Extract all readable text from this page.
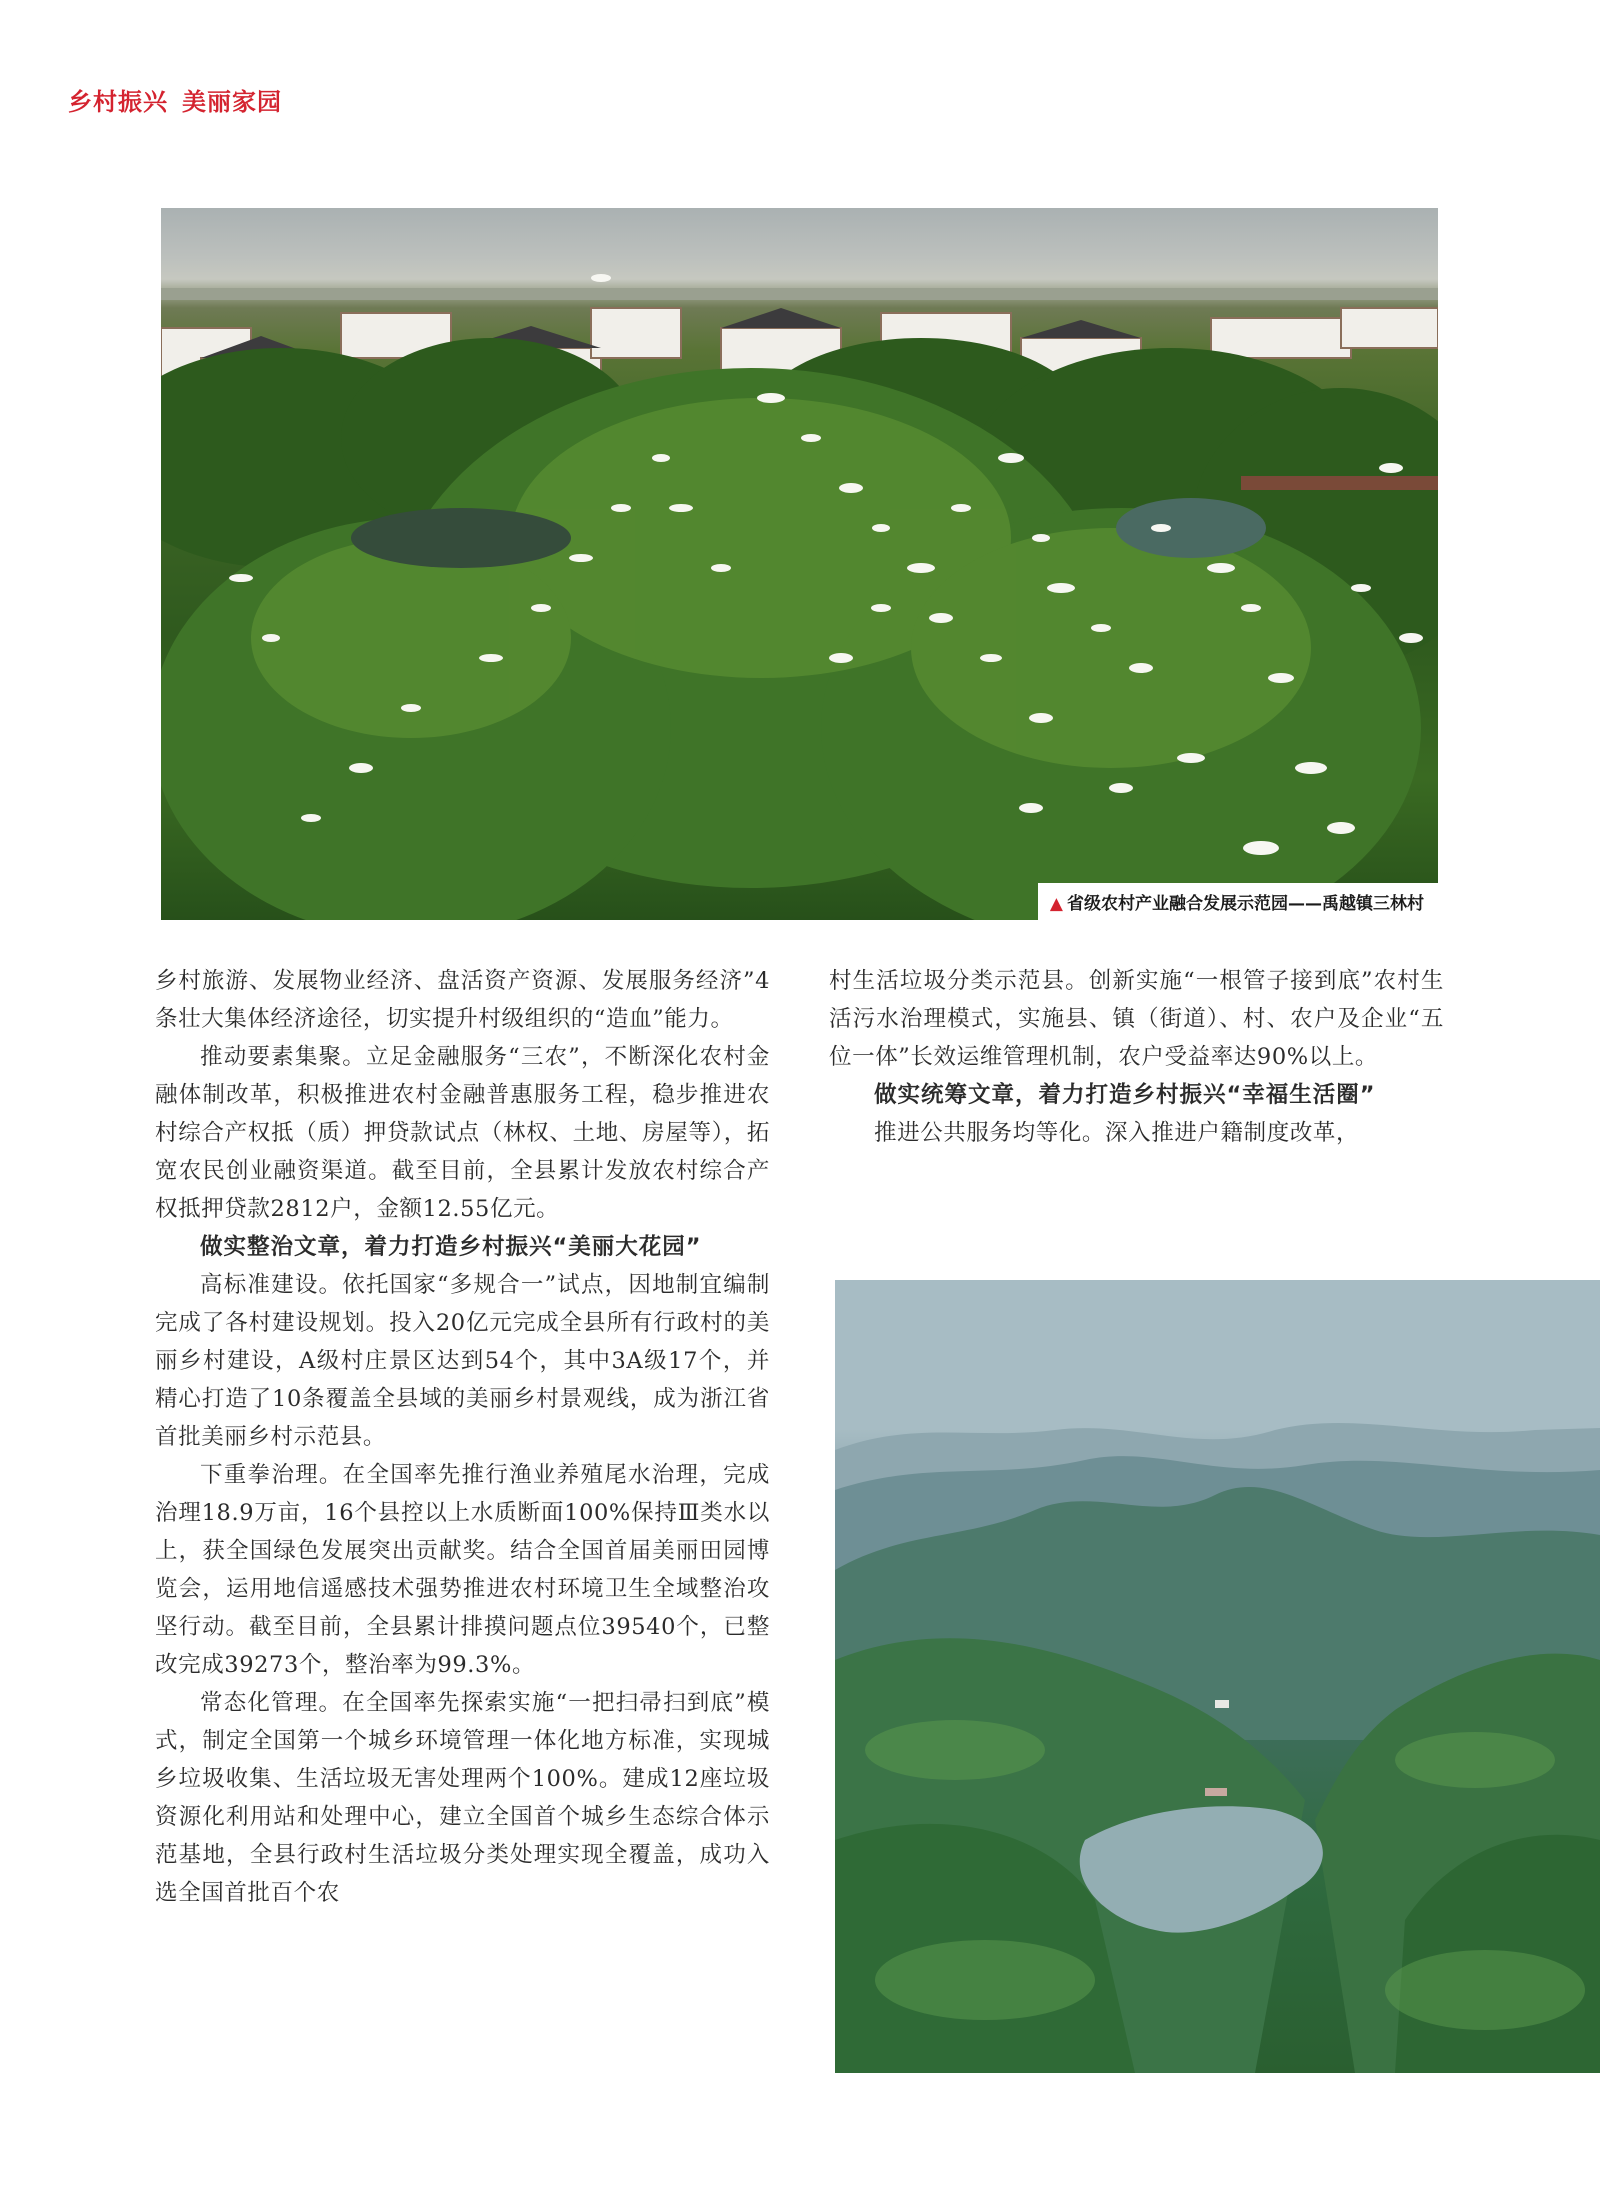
乡村振兴 美丽家园
▲ 省级农村产业融合发展示范园——禹越镇三林村

乡村旅游、发展物业经济、盘活资产资源、发展服务经济”4条壮大集体经济途径，切实提升村级组织的“造血”能力。

推动要素集聚。立足金融服务“三农”，不断深化农村金融体制改革，积极推进农村金融普惠服务工程，稳步推进农村综合产权抵（质）押贷款试点（林权、土地、房屋等），拓宽农民创业融资渠道。截至目前，全县累计发放农村综合产权抵押贷款2812户，金额12.55亿元。

做实整治文章，着力打造乡村振兴“美丽大花园”

高标准建设。依托国家“多规合一”试点，因地制宜编制完成了各村建设规划。投入20亿元完成全县所有行政村的美丽乡村建设，A级村庄景区达到54个，其中3A级17个，并精心打造了10条覆盖全县域的美丽乡村景观线，成为浙江省首批美丽乡村示范县。

下重拳治理。在全国率先推行渔业养殖尾水治理，完成治理18.9万亩，16个县控以上水质断面100%保持Ⅲ类水以上，获全国绿色发展突出贡献奖。结合全国首届美丽田园博览会，运用地信遥感技术强势推进农村环境卫生全域整治攻坚行动。截至目前，全县累计排摸问题点位39540个，已整改完成39273个，整治率为99.3%。

常态化管理。在全国率先探索实施“一把扫帚扫到底”模式，制定全国第一个城乡环境管理一体化地方标准，实现城乡垃圾收集、生活垃圾无害处理两个100%。建成12座垃圾资源化利用站和处理中心，建立全国首个城乡生态综合体示范基地，全县行政村生活垃圾分类处理实现全覆盖，成功入选全国首批百个农

村生活垃圾分类示范县。创新实施“一根管子接到底”农村生活污水治理模式，实施县、镇（街道）、村、农户及企业“五位一体”长效运维管理机制，农户受益率达90%以上。

做实统筹文章，着力打造乡村振兴“幸福生活圈”

推进公共服务均等化。深入推进户籍制度改革，
